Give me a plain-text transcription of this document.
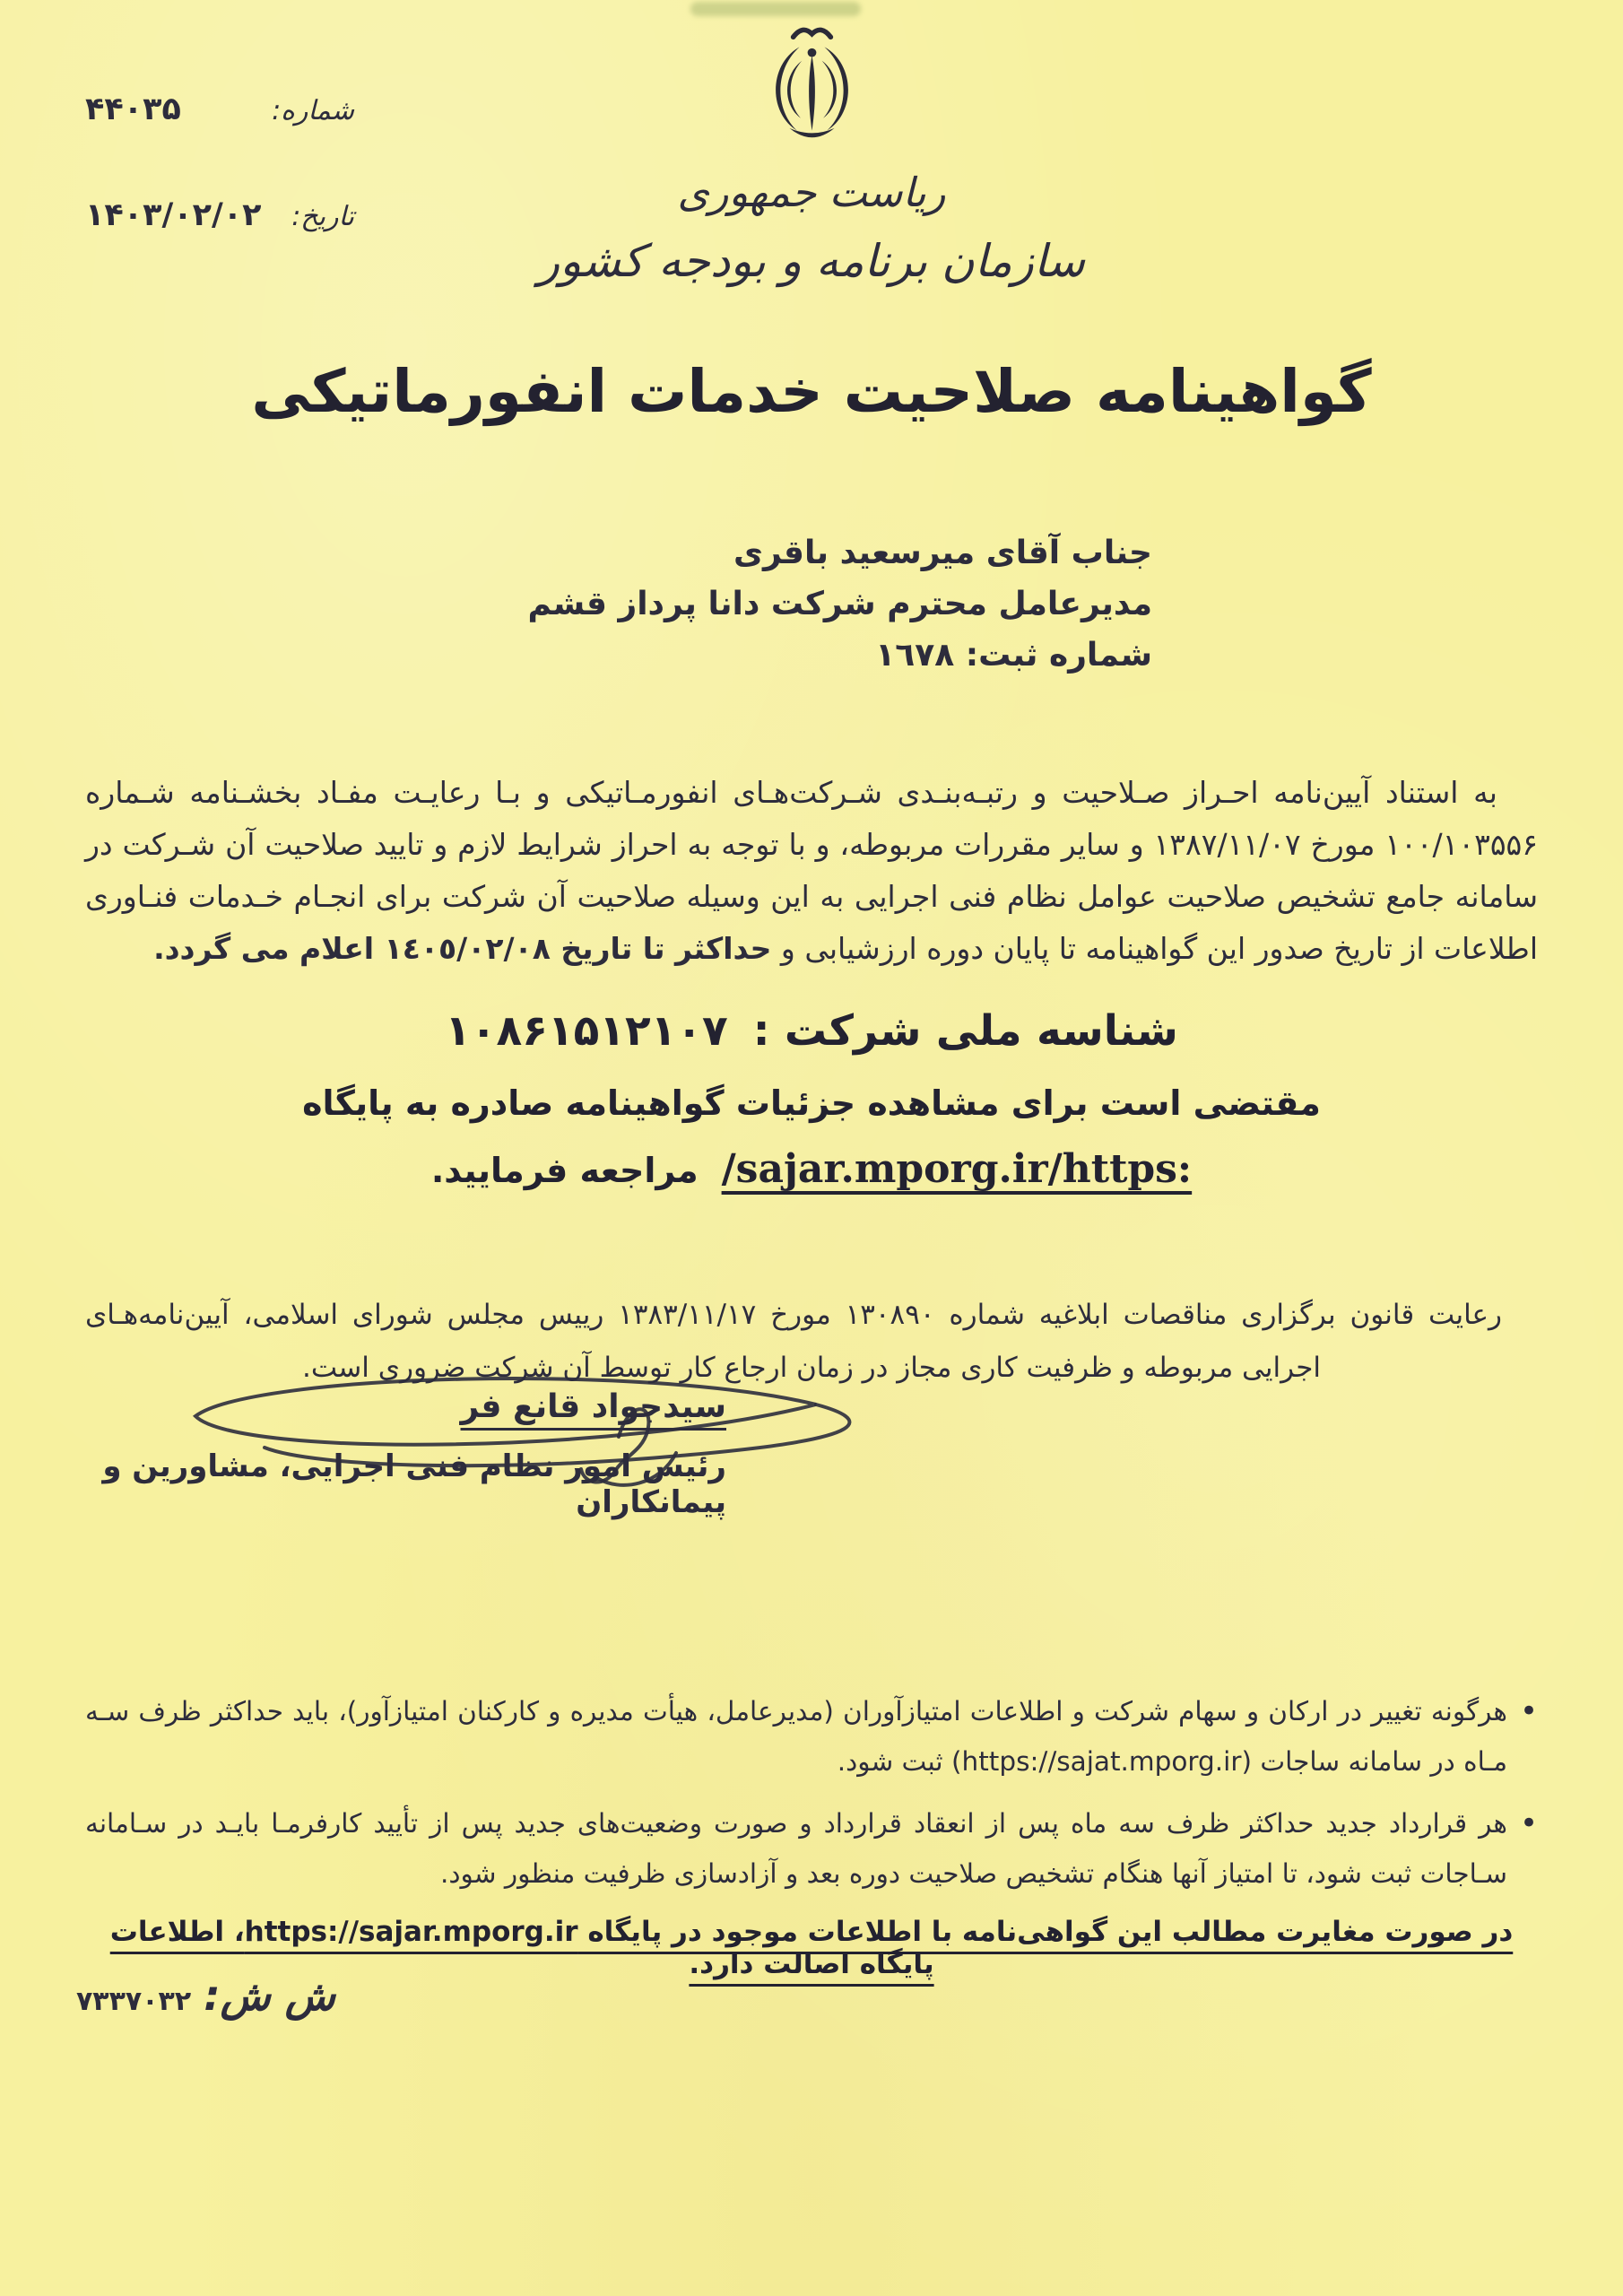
شماره:
۴۴۰۳۵
تاریخ:
۱۴۰۳/۰۲/۰۲	ریاست جمهوری
سازمان برنامه و بودجه کشور
گواهینامه صلاحیت خدمات انفورماتیکی
جناب آقای میرسعید باقری
مدیرعامل محترم شرکت دانا پرداز قشم
شماره ثبت: ۱٦۷۸

به استناد آیین‌نامه احـراز صـلاحیت و رتبـه‌بنـدی شـرکت‌هـای انفورمـاتیکی و بـا رعایـت مفـاد بخشـنامه شـماره ۱۰۰/۱۰۳۵۵۶ مورخ ۱۳۸۷/۱۱/۰۷ و سایر مقررات مربوطه، و با توجه به احراز شرایط لازم و تایید صلاحیت آن شـرکت در سامانه جامع تشخیص صلاحیت عوامل نظام فنی اجرایی به این وسیله صلاحیت آن شرکت برای انجـام خـدمات فنـاوری اطلاعات از تاریخ صدور این گواهینامه تا پایان دوره ارزشیابی و حداکثر تا تاریخ ۱٤۰٥/۰۲/۰۸ اعلام می گردد.

شناسه ملی شرکت :۱۰۸۶۱۵۱۲۱۰۷
مقتضی است برای مشاهده جزئیات گواهینامه صادره به پایگاه
/sajar.mporg.ir/https:مراجعه فرمایید.

رعایت قانون برگزاری مناقصات ابلاغیه شماره ۱۳۰۸۹۰ مورخ ۱۳۸۳/۱۱/۱۷ رییس مجلس شورای اسلامی، آیین‌نامه‌هـای اجرایی مربوطه و ظرفیت کاری مجاز در زمان ارجاع کار توسط آن شرکت ضروری است.

سیدجواد قانع فر
رئیس امور نظام فنی اجرایی، مشاورین و پیمانکاران
•
هرگونه تغییر در ارکان و سهام شرکت و اطلاعات امتیازآوران (مدیرعامل، هیأت مدیره و کارکنان امتیازآور)، باید حداکثر ظرف سـه مـاه در سامانه ساجات (https://sajat.mporg.ir) ثبت شود.
•
هر قرارداد جدید حداکثر ظرف سه ماه پس از انعقاد قرارداد و صورت وضعیت‌های جدید پس از تأیید کارفرمـا بایـد در سـامانه سـاجات ثبت شود، تا امتیاز آنها هنگام تشخیص صلاحیت دوره بعد و آزادسازی ظرفیت منظور شود.
در صورت مغایرت مطالب این گواهی‌نامه با اطلاعات موجود در پایگاه https://sajar.mporg.ir، اطلاعات پایگاه اصالت دارد.
ش ش:۷۳۳۷۰۳۲
